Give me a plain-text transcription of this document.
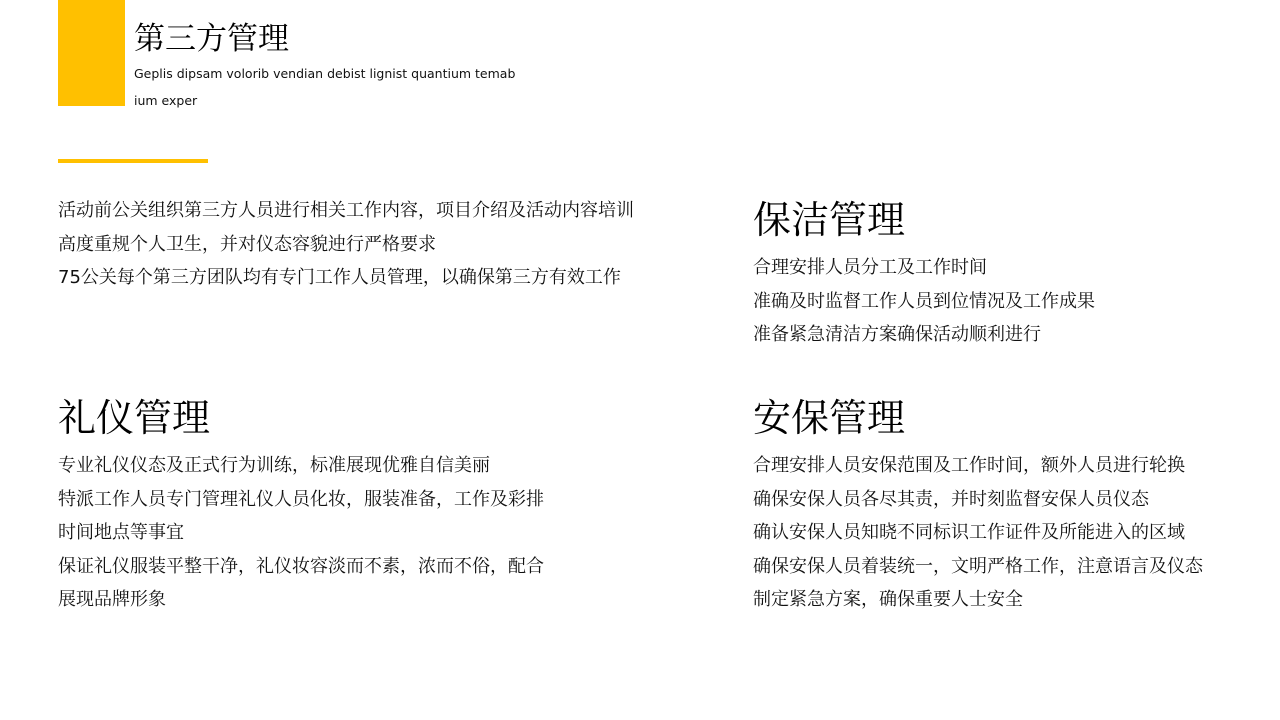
第三方管理
Geplis dipsam volorib vendian debist lignist quantium temab ium exper
活动前公关组织第三方人员进行相关工作内容，项目介绍及活动内容培训
高度重规个人卫生，并对仪态容貌迚行严格要求
75公关每个第三方团队均有专门工作人员管理，以确保第三方有效工作
保洁管理
合理安排人员分工及工作时间
准确及时监督工作人员到位情况及工作成果
准备紧急清洁方案确保活动顺利进行
礼仪管理
专业礼仪仪态及正式行为训练，标准展现优雅自信美丽
特派工作人员专门管理礼仪人员化妆，服装准备，工作及彩排时间地点等事宜
保证礼仪服装平整干净，礼仪妆容淡而不素，浓而不俗，配合展现品牌形象
安保管理
合理安排人员安保范围及工作时间，额外人员进行轮换
确保安保人员各尽其责，并时刻监督安保人员仪态
确认安保人员知晓不同标识工作证件及所能进入的区域
确保安保人员着装统一，文明严格工作，注意语言及仪态
制定紧急方案，确保重要人士安全
